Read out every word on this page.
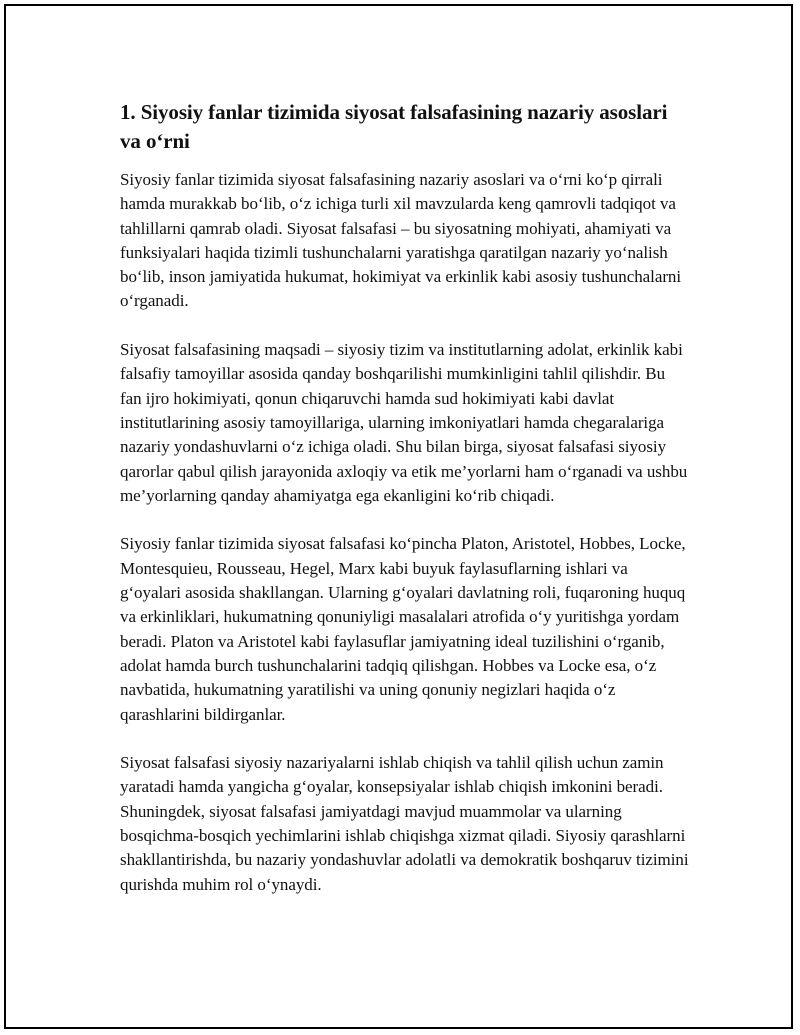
1. Siyosiy fanlar tizimida siyosat falsafasining nazariy asoslari va o‘rni

Siyosiy fanlar tizimida siyosat falsafasining nazariy asoslari va o‘rni ko‘p qirrali hamda murakkab bo‘lib, o‘z ichiga turli xil mavzularda keng qamrovli tadqiqot va tahlillarni qamrab oladi. Siyosat falsafasi – bu siyosatning mohiyati, ahamiyati va funksiyalari haqida tizimli tushunchalarni yaratishga qaratilgan nazariy yo‘nalish bo‘lib, inson jamiyatida hukumat, hokimiyat va erkinlik kabi asosiy tushunchalarni o‘rganadi.

Siyosat falsafasining maqsadi – siyosiy tizim va institutlarning adolat, erkinlik kabi falsafiy tamoyillar asosida qanday boshqarilishi mumkinligini tahlil qilishdir. Bu fan ijro hokimiyati, qonun chiqaruvchi hamda sud hokimiyati kabi davlat institutlarining asosiy tamoyillariga, ularning imkoniyatlari hamda chegaralariga nazariy yondashuvlarni o‘z ichiga oladi. Shu bilan birga, siyosat falsafasi siyosiy qarorlar qabul qilish jarayonida axloqiy va etik me’yorlarni ham o‘rganadi va ushbu me’yorlarning qanday ahamiyatga ega ekanligini ko‘rib chiqadi.

Siyosiy fanlar tizimida siyosat falsafasi ko‘pincha Platon, Aristotel, Hobbes, Locke, Montesquieu, Rousseau, Hegel, Marx kabi buyuk faylasuflarning ishlari va g‘oyalari asosida shakllangan. Ularning g‘oyalari davlatning roli, fuqaroning huquq va erkinliklari, hukumatning qonuniyligi masalalari atrofida o‘y yuritishga yordam beradi. Platon va Aristotel kabi faylasuflar jamiyatning ideal tuzilishini o‘rganib, adolat hamda burch tushunchalarini tadqiq qilishgan. Hobbes va Locke esa, o‘z navbatida, hukumatning yaratilishi va uning qonuniy negizlari haqida o‘z qarashlarini bildirganlar.

Siyosat falsafasi siyosiy nazariyalarni ishlab chiqish va tahlil qilish uchun zamin yaratadi hamda yangicha g‘oyalar, konsepsiyalar ishlab chiqish imkonini beradi. Shuningdek, siyosat falsafasi jamiyatdagi mavjud muammolar va ularning bosqichma-bosqich yechimlarini ishlab chiqishga xizmat qiladi. Siyosiy qarashlarni shakllantirishda, bu nazariy yondashuvlar adolatli va demokratik boshqaruv tizimini qurishda muhim rol o‘ynaydi.
